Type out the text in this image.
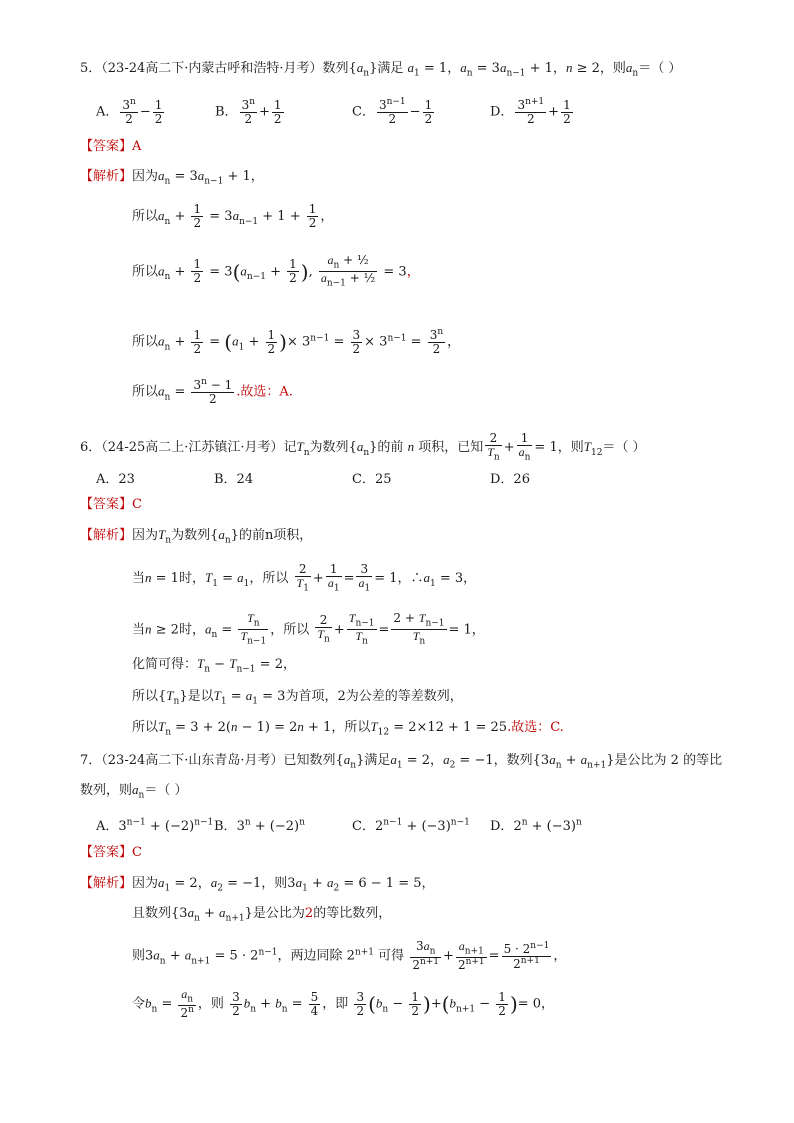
5．（23-24高二下·内蒙古呼和浩特·月考）数列$\{a_n\}$满足 $a_1 = 1$，$a_n = 3a_{n-1} + 1$，n ≥ 2，则$a_n=$（ ）
A． $\frac{3^n}{2} - \frac{1}{2}$	B． $\frac{3^n}{2} + \frac{1}{2}$	C． $\frac{3^{n-1}}{2} - \frac{1}{2}$	D． $\frac{3^{n+1}}{2} + \frac{1}{2}$
【答案】A
【解析】因为$a_n = 3a_{n-1} + 1$，
所以$a_n + \frac{1}{2} = 3a_{n-1} + 1 + \frac{1}{2}$ ，
所以$a_n + \frac{1}{2} = 3(a_{n-1} + \frac{1}{2}$ ), $\frac{a_n + \frac{1}{2}}{a_{n-1} + \frac{1}{2}} = 3$，
所以$a_n + \frac{1}{2} = (a_1 + \frac{1}{2}$ )× $3^{n-1} = \frac{3}{2} \times 3^{n-1} = \frac{3^n}{2}$ ，
所以$a_n = \frac{3^n - 1}{2}$ .故选：A.
6．（24-25高二上·江苏镇江·月考）记$T_n$为数列$\{a_n\}$的前 n 项积，已知 $\frac{2}{T_n} + \frac{1}{a_n} = 1$，则$T_{12}=$（ ）
A．23	B．24	C．25	D．26
【答案】C
【解析】因为$T_n$为数列$\{a_n\}$的前n项积，
当n = 1时，$T_1 = a_1$，所以 $\frac{2}{T_1} + \frac{1}{a_1} = \frac{3}{a_1} = 1$，$\therefore a_1 = 3$，
当n ≥ 2时，$a_n = \frac{T_n}{T_{n-1}}$ ，所以 $\frac{2}{T_n} + \frac{T_{n-1}}{T_n} = \frac{2 + T_{n-1}}{T_n} = 1$，
化简可得：$T_n - T_{n-1} = 2$，
所以$\{T_n\}$是以$T_1 = a_1 = 3$为首项，2为公差的等差数列，
所以$T_n = 3 + 2(n - 1) = 2n + 1$，所以$T_{12} = 2\times 12 + 1 = 25$.故选：C.
7．（23-24高二下·山东青岛·月考）已知数列$\{a_n\}$满足$a_1 = 2$，$a_2 = -1$，数列$\{3a_n + a_{n+1}\}$是公比为 2 的等比
数列，则$a_n=$（ ）
A．$3^{n-1} + (-2)^{n-1}$ B．$3^n + (-2)^n$	C．$2^{n-1} + (-3)^{n-1}$ D．$2^n + (-3)^n$
【答案】C
【解析】因为$a_1 = 2$，$a_2 = -1$，则$3a_1 + a_2 = 6 - 1 = 5$，
且数列$\{3a_n + a_{n+1}\}$是公比为2的等比数列，
则$3a_n + a_{n+1} = 5 \cdot 2^{n-1}$，两边同除 $2^{n+1}$ 可得 $\frac{3a_n}{2^{n+1}} + \frac{a_{n+1}}{2^{n+1}} = \frac{5 \cdot 2^{n-1}}{2^{n+1}}$ ，
令$b_n = \frac{a_n}{2^n}$ ，则 $\frac{3}{2} b_n + b_n = \frac{5}{4}$ ，即 $\frac{3}{2} (b_n - \frac{1}{2} )+(b_{n+1} - \frac{1}{2}$ )= 0，
